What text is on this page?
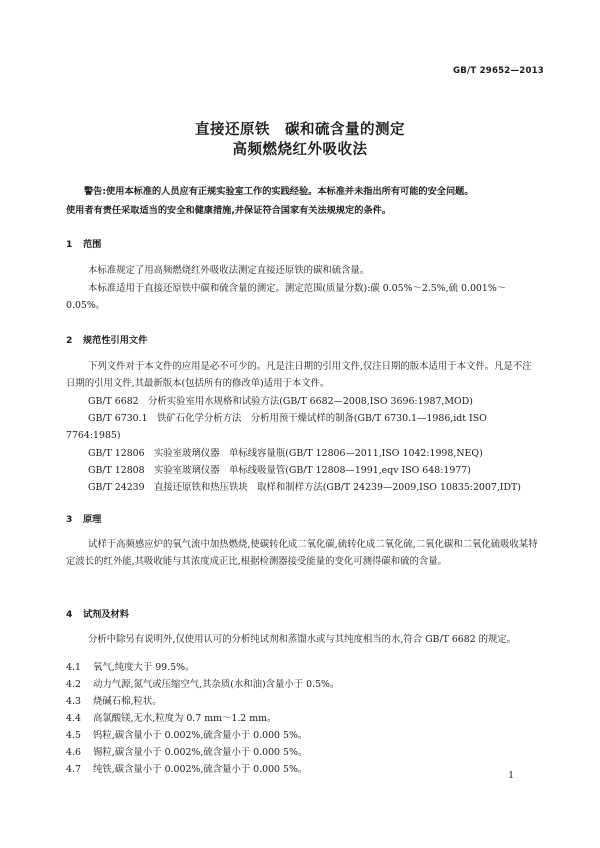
GB/T 29652—2013
直接还原铁　碳和硫含量的测定
高频燃烧红外吸收法
警告:使用本标准的人员应有正规实验室工作的实践经验。本标准并未指出所有可能的安全问题。
使用者有责任采取适当的安全和健康措施,并保证符合国家有关法规规定的条件。
1 范围
本标准规定了用高频燃烧红外吸收法测定直接还原铁的碳和硫含量。
本标准适用于直接还原铁中碳和硫含量的测定。测定范围(质量分数):碳 0.05%～2.5%,硫 0.001%～0.05%。
2 规范性引用文件
下列文件对于本文件的应用是必不可少的。凡是注日期的引用文件,仅注日期的版本适用于本文件。凡是不注日期的引用文件,其最新版本(包括所有的修改单)适用于本文件。
GB/T 6682　分析实验室用水规格和试验方法(GB/T 6682—2008,ISO 3696:1987,MOD)
GB/T 6730.1　铁矿石化学分析方法　分析用预干燥试样的制备(GB/T 6730.1—1986,idt ISO 7764:1985)
GB/T 12806　实验室玻璃仪器　单标线容量瓶(GB/T 12806—2011,ISO 1042:1998,NEQ)
GB/T 12808　实验室玻璃仪器　单标线吸量管(GB/T 12808—1991,eqv ISO 648:1977)
GB/T 24239　直接还原铁和热压铁块　取样和制样方法(GB/T 24239—2009,ISO 10835:2007,IDT)
3 原理
试样于高频感应炉的氧气流中加热燃烧,使碳转化成二氧化碳,硫转化成二氧化硫,二氧化碳和二氧化硫吸收某特定波长的红外能,其吸收能与其浓度成正比,根据检测器接受能量的变化可测得碳和硫的含量。
4 试剂及材料
分析中除另有说明外,仅使用认可的分析纯试剂和蒸馏水或与其纯度相当的水,符合 GB/T 6682 的规定。
4.1 氧气,纯度大于 99.5%。
4.2 动力气源,氮气或压缩空气,其杂质(水和油)含量小于 0.5%。
4.3 烧碱石棉,粒状。
4.4 高氯酸镁,无水,粒度为 0.7 mm～1.2 mm。
4.5 钨粒,碳含量小于 0.002%,硫含量小于 0.000 5%。
4.6 锡粒,碳含量小于 0.002%,硫含量小于 0.000 5%。
4.7 纯铁,碳含量小于 0.002%,硫含量小于 0.000 5%。
1
